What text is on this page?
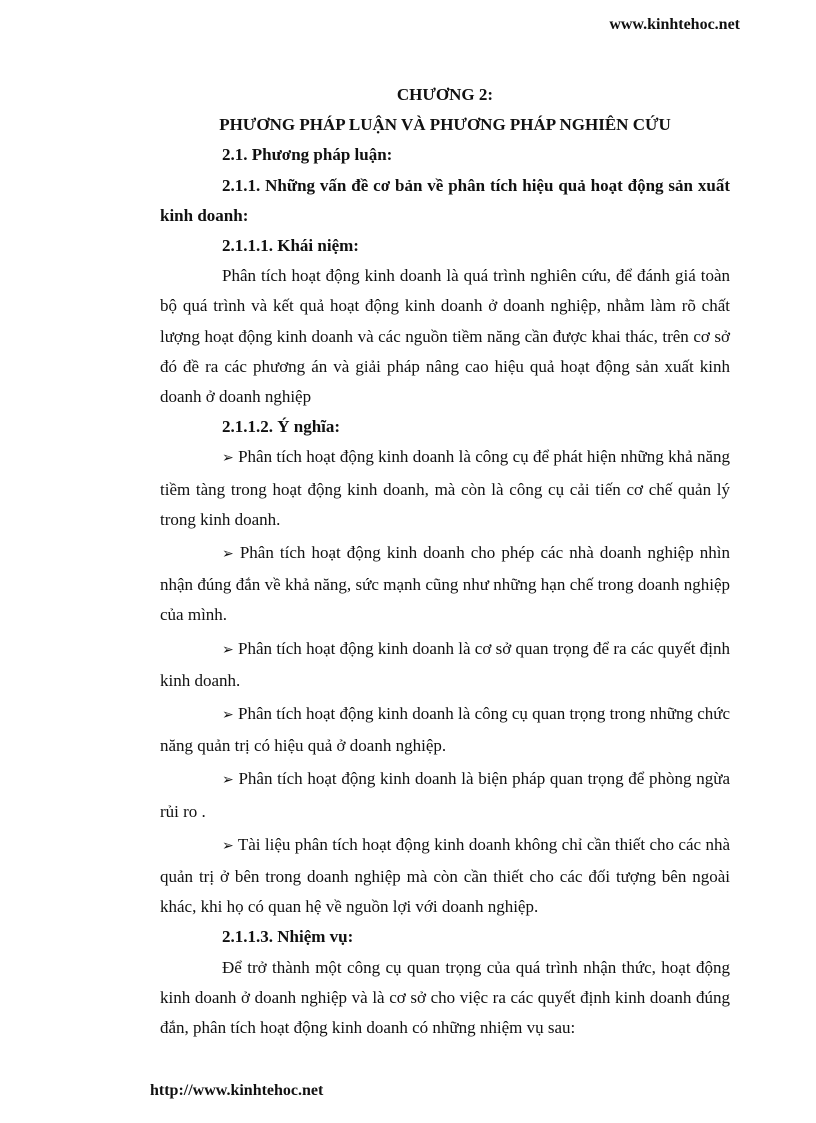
www.kinhtehoc.net

CHƯƠNG 2:

PHƯƠNG PHÁP LUẬN VÀ PHƯƠNG PHÁP NGHIÊN CỨU

2.1. Phương pháp luận:

2.1.1. Những vấn đề cơ bản về phân tích hiệu quả hoạt động sản xuất kinh doanh:

2.1.1.1. Khái niệm:

Phân tích hoạt động kinh doanh là quá trình nghiên cứu, để đánh giá toàn bộ quá trình và kết quả hoạt động kinh doanh ở doanh nghiệp, nhằm làm rõ chất lượng hoạt động kinh doanh và các nguồn tiềm năng cần được khai thác, trên cơ sở đó đề ra các phương án và giải pháp nâng cao hiệu quả hoạt động sản xuất kinh doanh ở doanh nghiệp

2.1.1.2. Ý nghĩa:

➢ Phân tích hoạt động kinh doanh là công cụ để phát hiện những khả năng tiềm tàng trong hoạt động kinh doanh, mà còn là công cụ cải tiến cơ chế quản lý trong kinh doanh.

➢ Phân tích hoạt động kinh doanh cho phép các nhà doanh nghiệp nhìn nhận đúng đắn về khả năng, sức mạnh cũng như những hạn chế trong doanh nghiệp của mình.

➢ Phân tích hoạt động kinh doanh là cơ sở quan trọng để ra các quyết định kinh doanh.

➢ Phân tích hoạt động kinh doanh là công cụ quan trọng trong những chức năng quản trị có hiệu quả ở doanh nghiệp.

➢ Phân tích hoạt động kinh doanh là biện pháp quan trọng để phòng ngừa rủi ro .

➢ Tài liệu phân tích hoạt động kinh doanh không chỉ cần thiết cho các nhà quản trị ở bên trong doanh nghiệp mà còn cần thiết cho các đối tượng bên ngoài khác, khi họ có quan hệ về nguồn lợi với doanh nghiệp.

2.1.1.3. Nhiệm vụ:

Để trở thành một công cụ quan trọng của quá trình nhận thức, hoạt động kinh doanh ở doanh nghiệp và là cơ sở cho việc ra các quyết định kinh doanh đúng đắn, phân tích hoạt động kinh doanh có những nhiệm vụ sau:

http://www.kinhtehoc.net
